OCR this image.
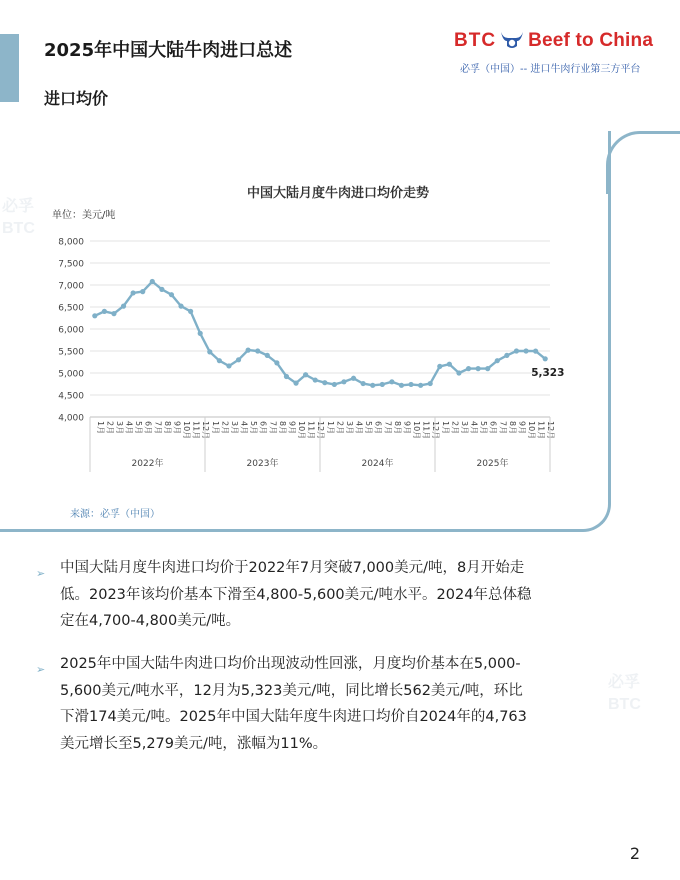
2025年中国大陆牛肉进口总述
进口均价
BTC Beef to China
必孚（中国）-- 进口牛肉行业第三方平台
必孚
BTC
必孚
BTC
4,000
4,500
5,000
5,500
6,000
6,500
7,000
7,500
8,000
1月 2月 3月 4月 5月 6月 7月 8月 9月 10月 11月 12月 1月 2月 3月 4月 5月 6月 7月 8月 9月 10月 11月 12月 1月 2月 3月 4月 5月 6月 7月 8月 9月 10月 11月 12月 1月 2月 3月 4月 5月 6月 7月 8月 9月 10月 11月 12月
2022年	2023年	2024年	2025年
中国大陆月度牛肉进口均价走势
单位：美元/吨
5,323
来源：必孚（中国）
➢ 中国大陆月度牛肉进口均价于2022年7月突破7,000美元/吨，8月开始走
低。2023年该均价基本下滑至4,800-5,600美元/吨水平。2024年总体稳
定在4,700-4,800美元/吨。
➢ 2025年中国大陆牛肉进口均价出现波动性回涨，月度均价基本在5,000-
5,600美元/吨水平，12月为5,323美元/吨，同比增长562美元/吨，环比
下滑174美元/吨。2025年中国大陆年度牛肉进口均价自2024年的4,763
美元增长至5,279美元/吨，涨幅为11%。
2
